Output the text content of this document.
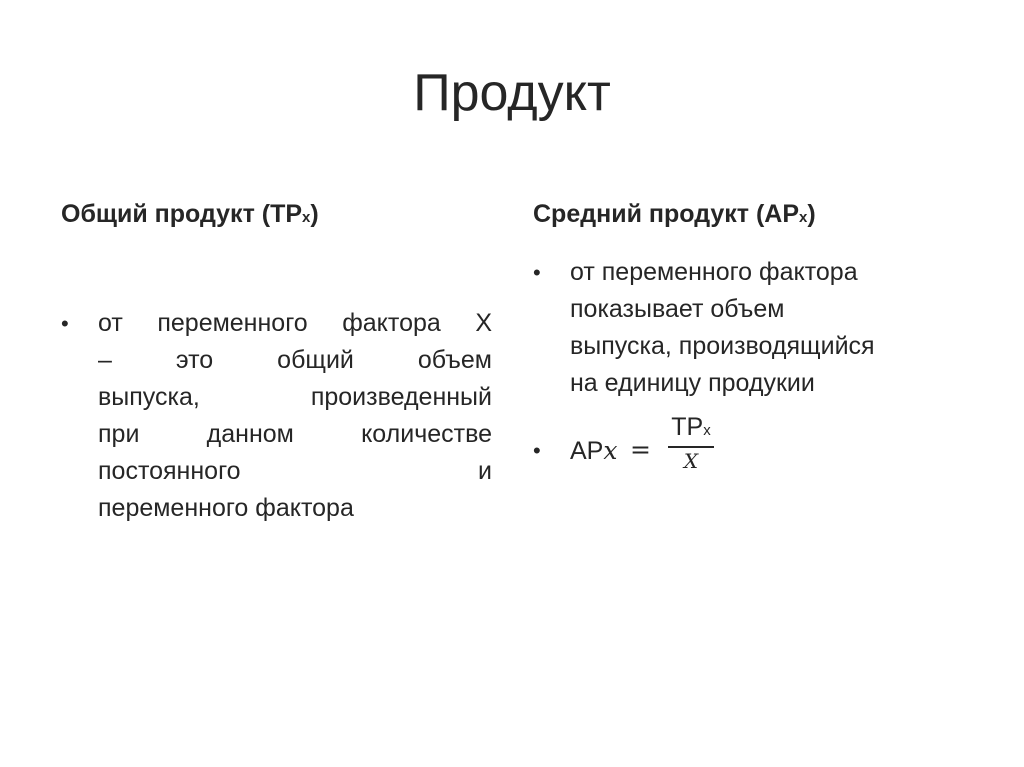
Продукт
Общий продукт (TPx)
• от переменного фактора Х
– это общий объем
выпуска, произведенный
при данном количестве
постоянного и
переменного фактора
Средний продукт (АРx)
• от переменного фактора
показывает объем
выпуска, производящийся
на единицу продукии
• АРx =
TPx
X
